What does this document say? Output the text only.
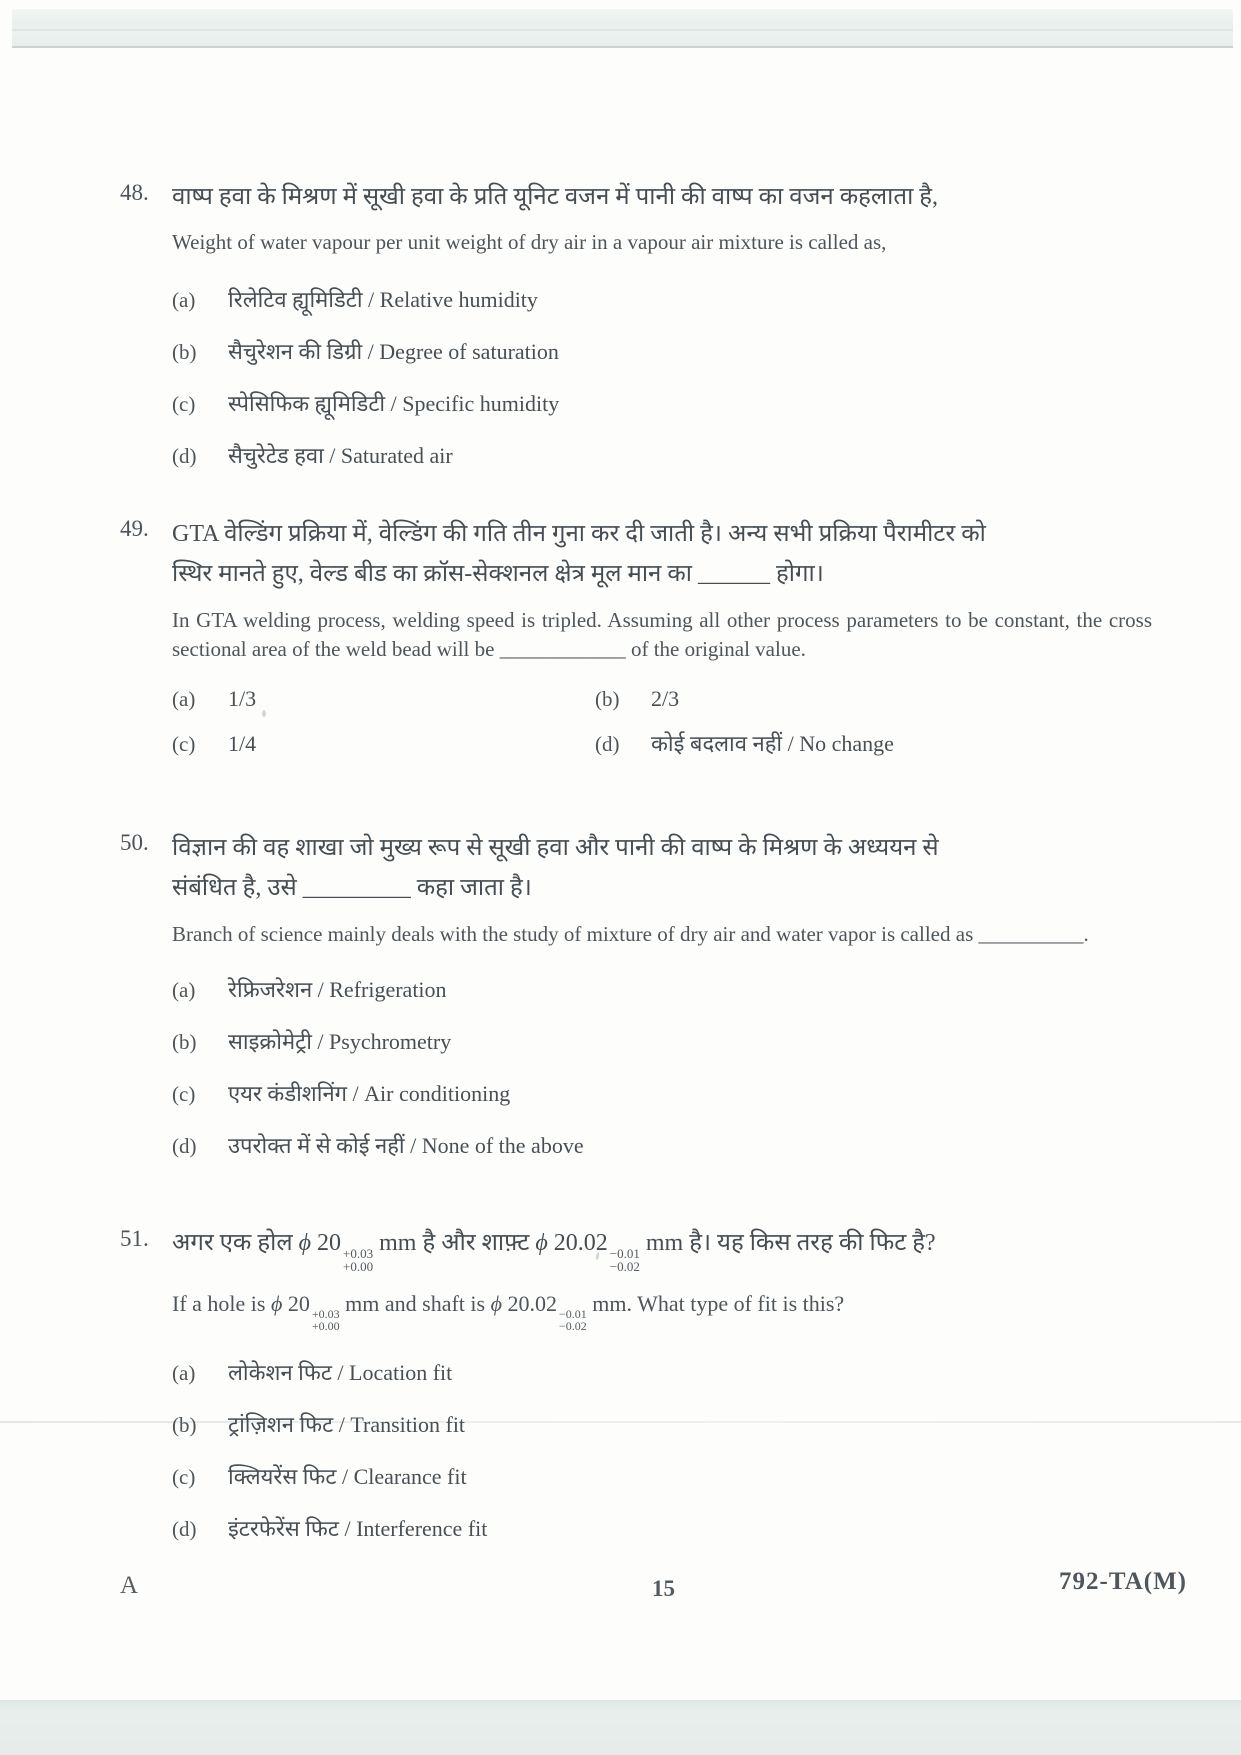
48. वाष्प हवा के मिश्रण में सूखी हवा के प्रति यूनिट वजन में पानी की वाष्प का वजन कहलाता है,

Weight of water vapour per unit weight of dry air in a vapour air mixture is called as,

(a) रिलेटिव ह्यूमिडिटी / Relative humidity
(b) सैचुरेशन की डिग्री / Degree of saturation
(c) स्पेसिफिक ह्यूमिडिटी / Specific humidity
(d) सैचुरेटेड हवा / Saturated air
49. GTA वेल्डिंग प्रक्रिया में, वेल्डिंग की गति तीन गुना कर दी जाती है। अन्य सभी प्रक्रिया पैरामीटर को

स्थिर मानते हुए, वेल्ड बीड का क्रॉस-सेक्शनल क्षेत्र मूल मान का ______ होगा।

In GTA welding process, welding speed is tripled. Assuming all other process parameters to be constant, the cross sectional area of the weld bead will be ____________ of the original value.

(a) 1/3	(b) 2/3
(c) 1/4	(d) कोई बदलाव नहीं / No change
50. विज्ञान की वह शाखा जो मुख्य रूप से सूखी हवा और पानी की वाष्प के मिश्रण के अध्ययन से

संबंधित है, उसे _________ कहा जाता है।

Branch of science mainly deals with the study of mixture of dry air and water vapor is called as __________.

(a) रेफ्रिजरेशन / Refrigeration
(b) साइक्रोमेट्री / Psychrometry
(c) एयर कंडीशनिंग / Air conditioning
(d) उपरोक्त में से कोई नहीं / None of the above
51. अगर एक होल ϕ 20 +0.03
+0.00
mm है और शाफ़्ट ϕ 20.02 −0.01
−0.02
mm है। यह किस तरह की फिट है?

If a hole is ϕ 20 +0.03
+0.00
mm and shaft is ϕ 20.02 −0.01
−0.02
mm. What type of fit is this?

(a) लोकेशन फिट / Location fit
(b) ट्रांज़िशन फिट / Transition fit
(c) क्लियरेंस फिट / Clearance fit
(d) इंटरफेरेंस फिट / Interference fit
A	15	792-TA(M)
